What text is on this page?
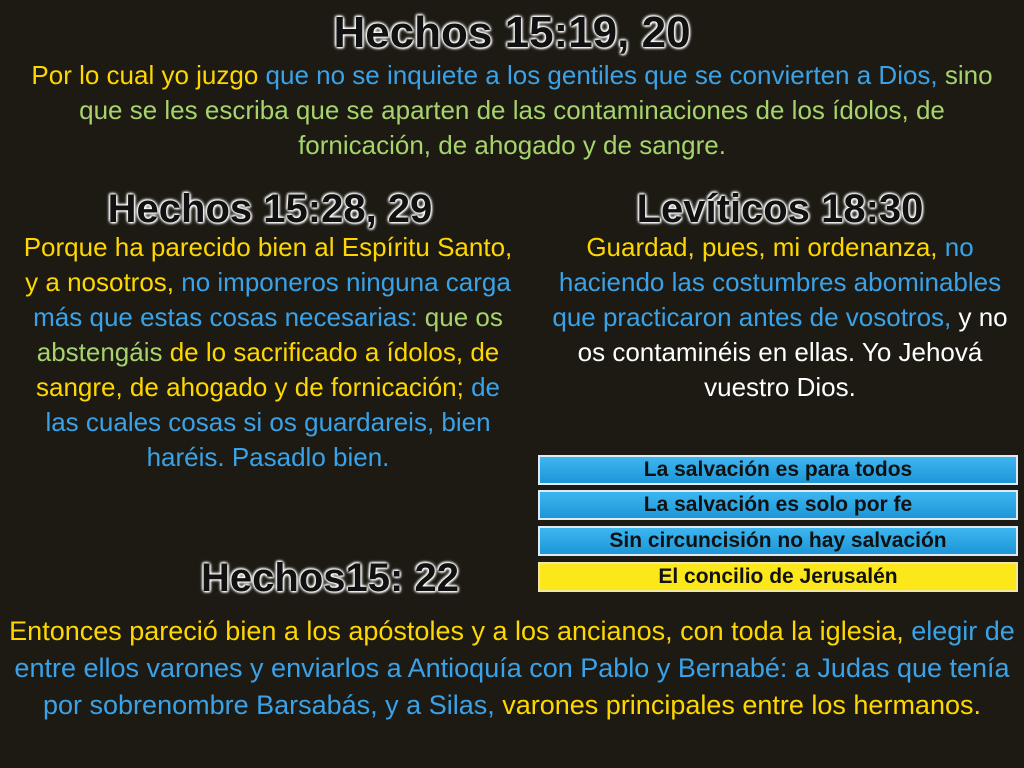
Hechos 15:19, 20

Por lo cual yo juzgo que no se inquiete a los gentiles que se convierten a Dios, sino que se les escriba que se aparten de las contaminaciones de los ídolos, de fornicación, de ahogado y de sangre.

Hechos 15:28, 29

Porque ha parecido bien al Espíritu Santo, y a nosotros, no imponeros ninguna carga más que estas cosas necesarias: que os abstengáis de lo sacrificado a ídolos, de sangre, de ahogado y de fornicación; de las cuales cosas si os guardareis, bien haréis. Pasadlo bien.

Levíticos 18:30

Guardad, pues, mi ordenanza, no haciendo las costumbres abominables que practicaron antes de vosotros, y no os contaminéis en ellas. Yo Jehová vuestro Dios.

La salvación es para todos
La salvación es solo por fe
Sin circuncisión no hay salvación
El concilio de Jerusalén
Hechos15: 22

Entonces pareció bien a los apóstoles y a los ancianos, con toda la iglesia, elegir de entre ellos varones y enviarlos a Antioquía con Pablo y Bernabé: a Judas que tenía por sobrenombre Barsabás, y a Silas, varones principales entre los hermanos.
